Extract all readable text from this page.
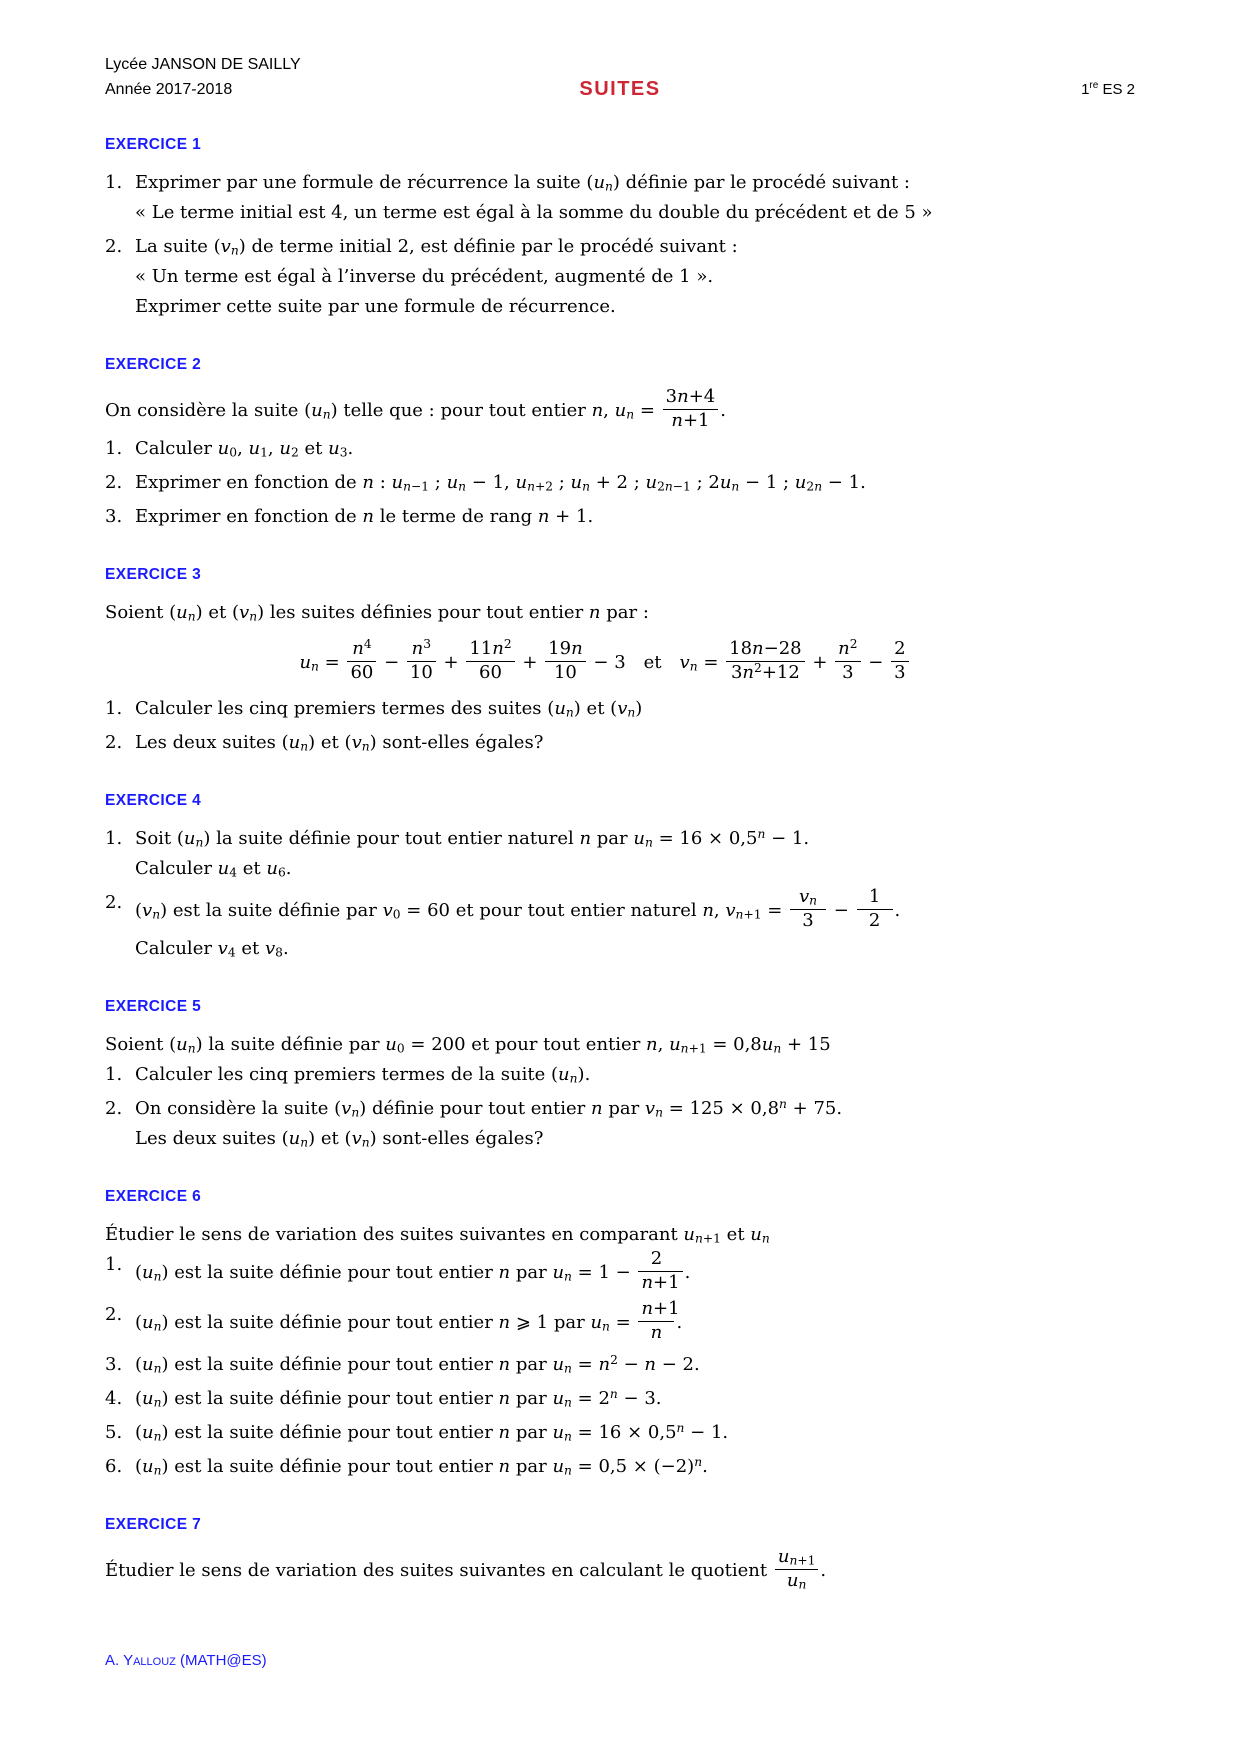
Lycée JANSON DE SAILLY
Année 2017-2018	SUITES	1re ES 2
EXERCICE 1
1. Exprimer par une formule de récurrence la suite $(u_n)$ définie par le procédé suivant :

« Le terme initial est 4, un terme est égal à la somme du double du précédent et de 5 »

2. La suite $(v_n)$ de terme initial 2, est définie par le procédé suivant :

« Un terme est égal à l’inverse du précédent, augmenté de 1 ».

Exprimer cette suite par une formule de récurrence.

EXERCICE 2

On considère la suite $(u_n)$ telle que : pour tout entier n, $u_n = \frac{3n+4}{n+1}$ .

1. Calculer $u_0$, $u_1$, $u_2$ et $u_3$.

2. Exprimer en fonction de n : $u_{n-1}$ ; $u_n - 1$, $u_{n+2}$ ; $u_n + 2$ ; $u_{2n-1}$ ; $2u_n - 1$ ; $u_{2n} - 1$.

3. Exprimer en fonction de n le terme de rang n + 1.

EXERCICE 3

Soient $(u_n)$ et $(v_n)$ les suites définies pour tout entier n par :

$u_n = \frac{n^4}{60} - \frac{n^3}{10} + \frac{11n^2}{60} + \frac{19n}{10} - 3$ et $v_n = \frac{18n-28}{3n^2+12} + \frac{n^2}{3} - \frac{2}{3}$
1. Calculer les cinq premiers termes des suites $(u_n)$ et $(v_n)$

2. Les deux suites $(u_n)$ et $(v_n)$ sont-elles égales?

EXERCICE 4
1. Soit $(u_n)$ la suite définie pour tout entier naturel n par $u_n = 16 \times 0,5^n - 1$.

Calculer $u_4$ et $u_6$.

2. $(v_n)$ est la suite définie par $v_0 = 60$ et pour tout entier naturel n, $v_{n+1} = \frac{v_n}{3} - \frac{1}{2}$ .

Calculer $v_4$ et $v_8$.

EXERCICE 5

Soient $(u_n)$ la suite définie par $u_0 = 200$ et pour tout entier n, $u_{n+1} = 0,8u_n + 15$

1. Calculer les cinq premiers termes de la suite $(u_n)$.

2. On considère la suite $(v_n)$ définie pour tout entier n par $v_n = 125 \times 0,8^n + 75$.

Les deux suites $(u_n)$ et $(v_n)$ sont-elles égales?

EXERCICE 6

Étudier le sens de variation des suites suivantes en comparant $u_{n+1}$ et $u_n$

1. $(u_n)$ est la suite définie pour tout entier n par $u_n = 1 - \frac{2}{n+1}$ .

2. $(u_n)$ est la suite définie pour tout entier n ⩾ 1 par $u_n = \frac{n+1}{n}$ .

3. $(u_n)$ est la suite définie pour tout entier n par $u_n = n^2 - n - 2$.

4. $(u_n)$ est la suite définie pour tout entier n par $u_n = 2^n - 3$.

5. $(u_n)$ est la suite définie pour tout entier n par $u_n = 16 \times 0,5^n - 1$.

6. $(u_n)$ est la suite définie pour tout entier n par $u_n = 0,5 \times (-2)^n$.

EXERCICE 7

Étudier le sens de variation des suites suivantes en calculant le quotient $\frac{u_{n+1}}{u_n}$ .

A. Yallouz (MATH@ES)
